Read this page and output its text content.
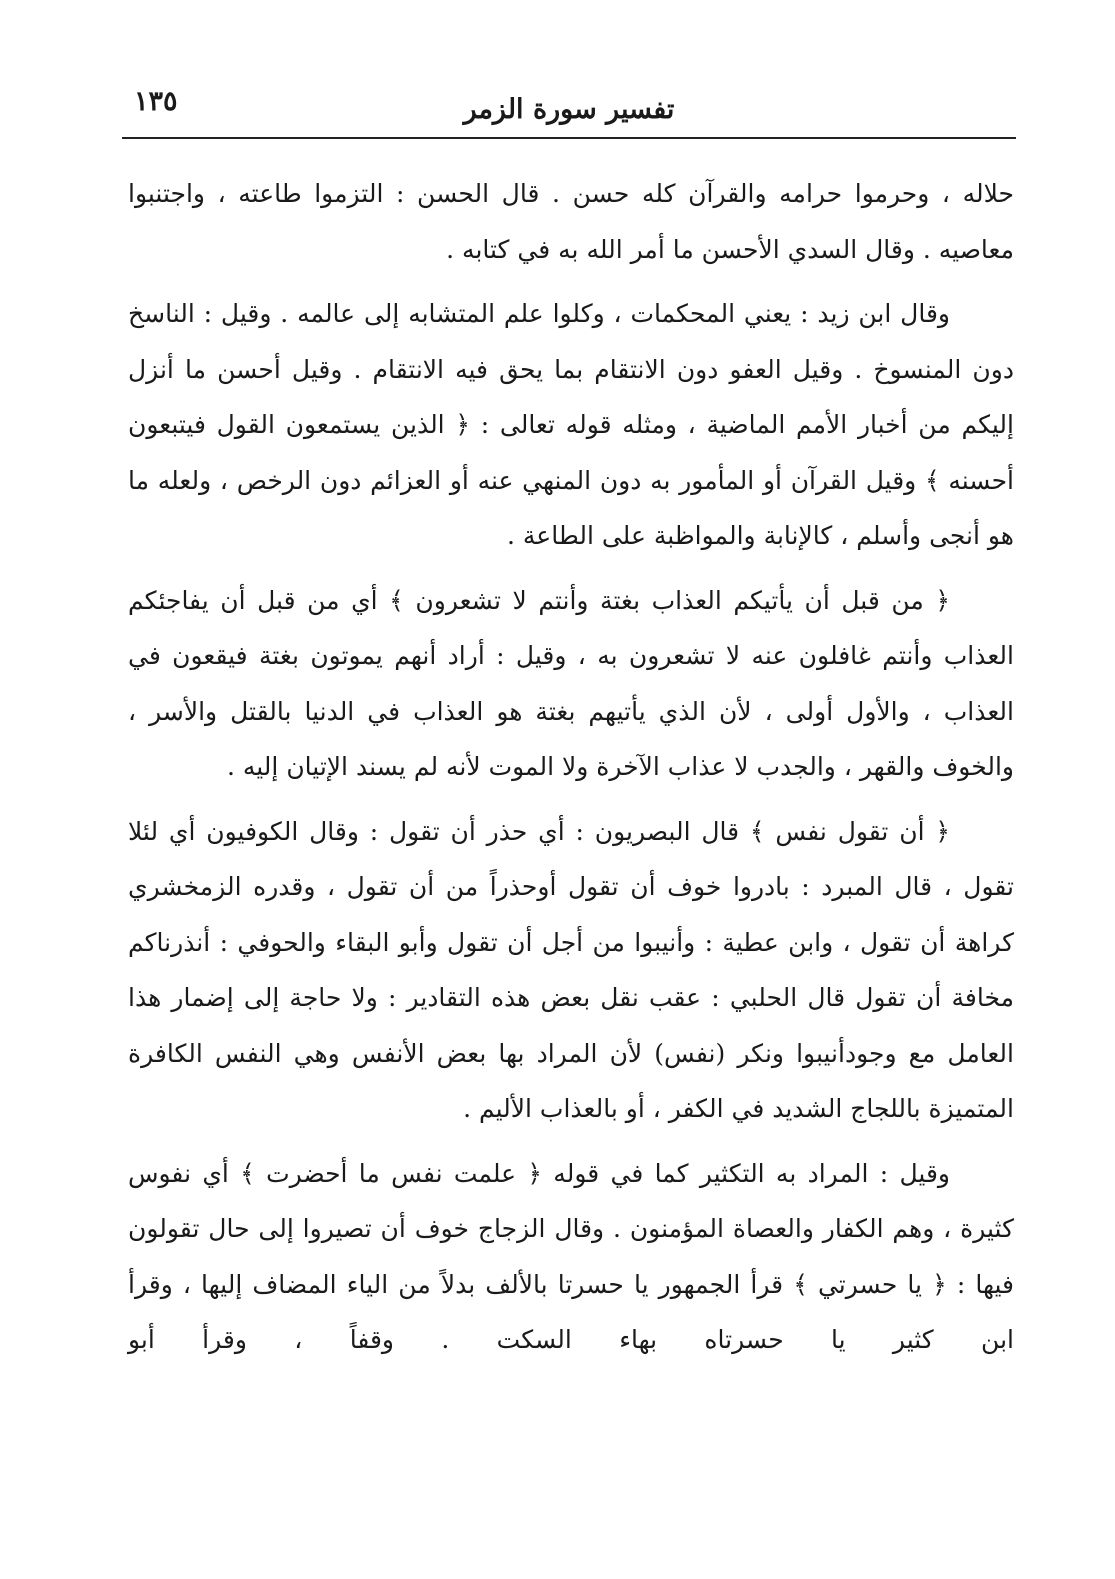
١٣٥	تفسير سورة الزمر

حلاله ، وحرموا حرامه والقرآن كله حسن . قال الحسن : التزموا طاعته ، واجتنبوا معاصيه . وقال السدي الأحسن ما أمر الله به في كتابه .

وقال ابن زيد : يعني المحكمات ، وكلوا علم المتشابه إلى عالمه . وقيل : الناسخ دون المنسوخ . وقيل العفو دون الانتقام بما يحق فيه الانتقام . وقيل أحسن ما أنزل إليكم من أخبار الأمم الماضية ، ومثله قوله تعالى : ﴿ الذين يستمعون القول فيتبعون أحسنه ﴾ وقيل القرآن أو المأمور به دون المنهي عنه أو العزائم دون الرخص ، ولعله ما هو أنجى وأسلم ، كالإنابة والمواظبة على الطاعة .

﴿ من قبل أن يأتيكم العذاب بغتة وأنتم لا تشعرون ﴾ أي من قبل أن يفاجئكم العذاب وأنتم غافلون عنه لا تشعرون به ، وقيل : أراد أنهم يموتون بغتة فيقعون في العذاب ، والأول أولى ، لأن الذي يأتيهم بغتة هو العذاب في الدنيا بالقتل والأسر ، والخوف والقهر ، والجدب لا عذاب الآخرة ولا الموت لأنه لم يسند الإتيان إليه .

﴿ أن تقول نفس ﴾ قال البصريون : أي حذر أن تقول : وقال الكوفيون أي لئلا تقول ، قال المبرد : بادروا خوف أن تقول أوحذراً من أن تقول ، وقدره الزمخشري كراهة أن تقول ، وابن عطية : وأنيبوا من أجل أن تقول وأبو البقاء والحوفي : أنذرناكم مخافة أن تقول قال الحلبي : عقب نقل بعض هذه التقادير : ولا حاجة إلى إضمار هذا العامل مع وجودأنيبوا ونكر (نفس) لأن المراد بها بعض الأنفس وهي النفس الكافرة المتميزة باللجاج الشديد في الكفر ، أو بالعذاب الأليم .

وقيل : المراد به التكثير كما في قوله ﴿ علمت نفس ما أحضرت ﴾ أي نفوس كثيرة ، وهم الكفار والعصاة المؤمنون . وقال الزجاج خوف أن تصيروا إلى حال تقولون فيها : ﴿ يا حسرتي ﴾ قرأ الجمهور يا حسرتا بالألف بدلاً من الياء المضاف إليها ، وقرأ ابن كثير يا حسرتاه بهاء السكت . وقفاً ، وقرأ أبو
